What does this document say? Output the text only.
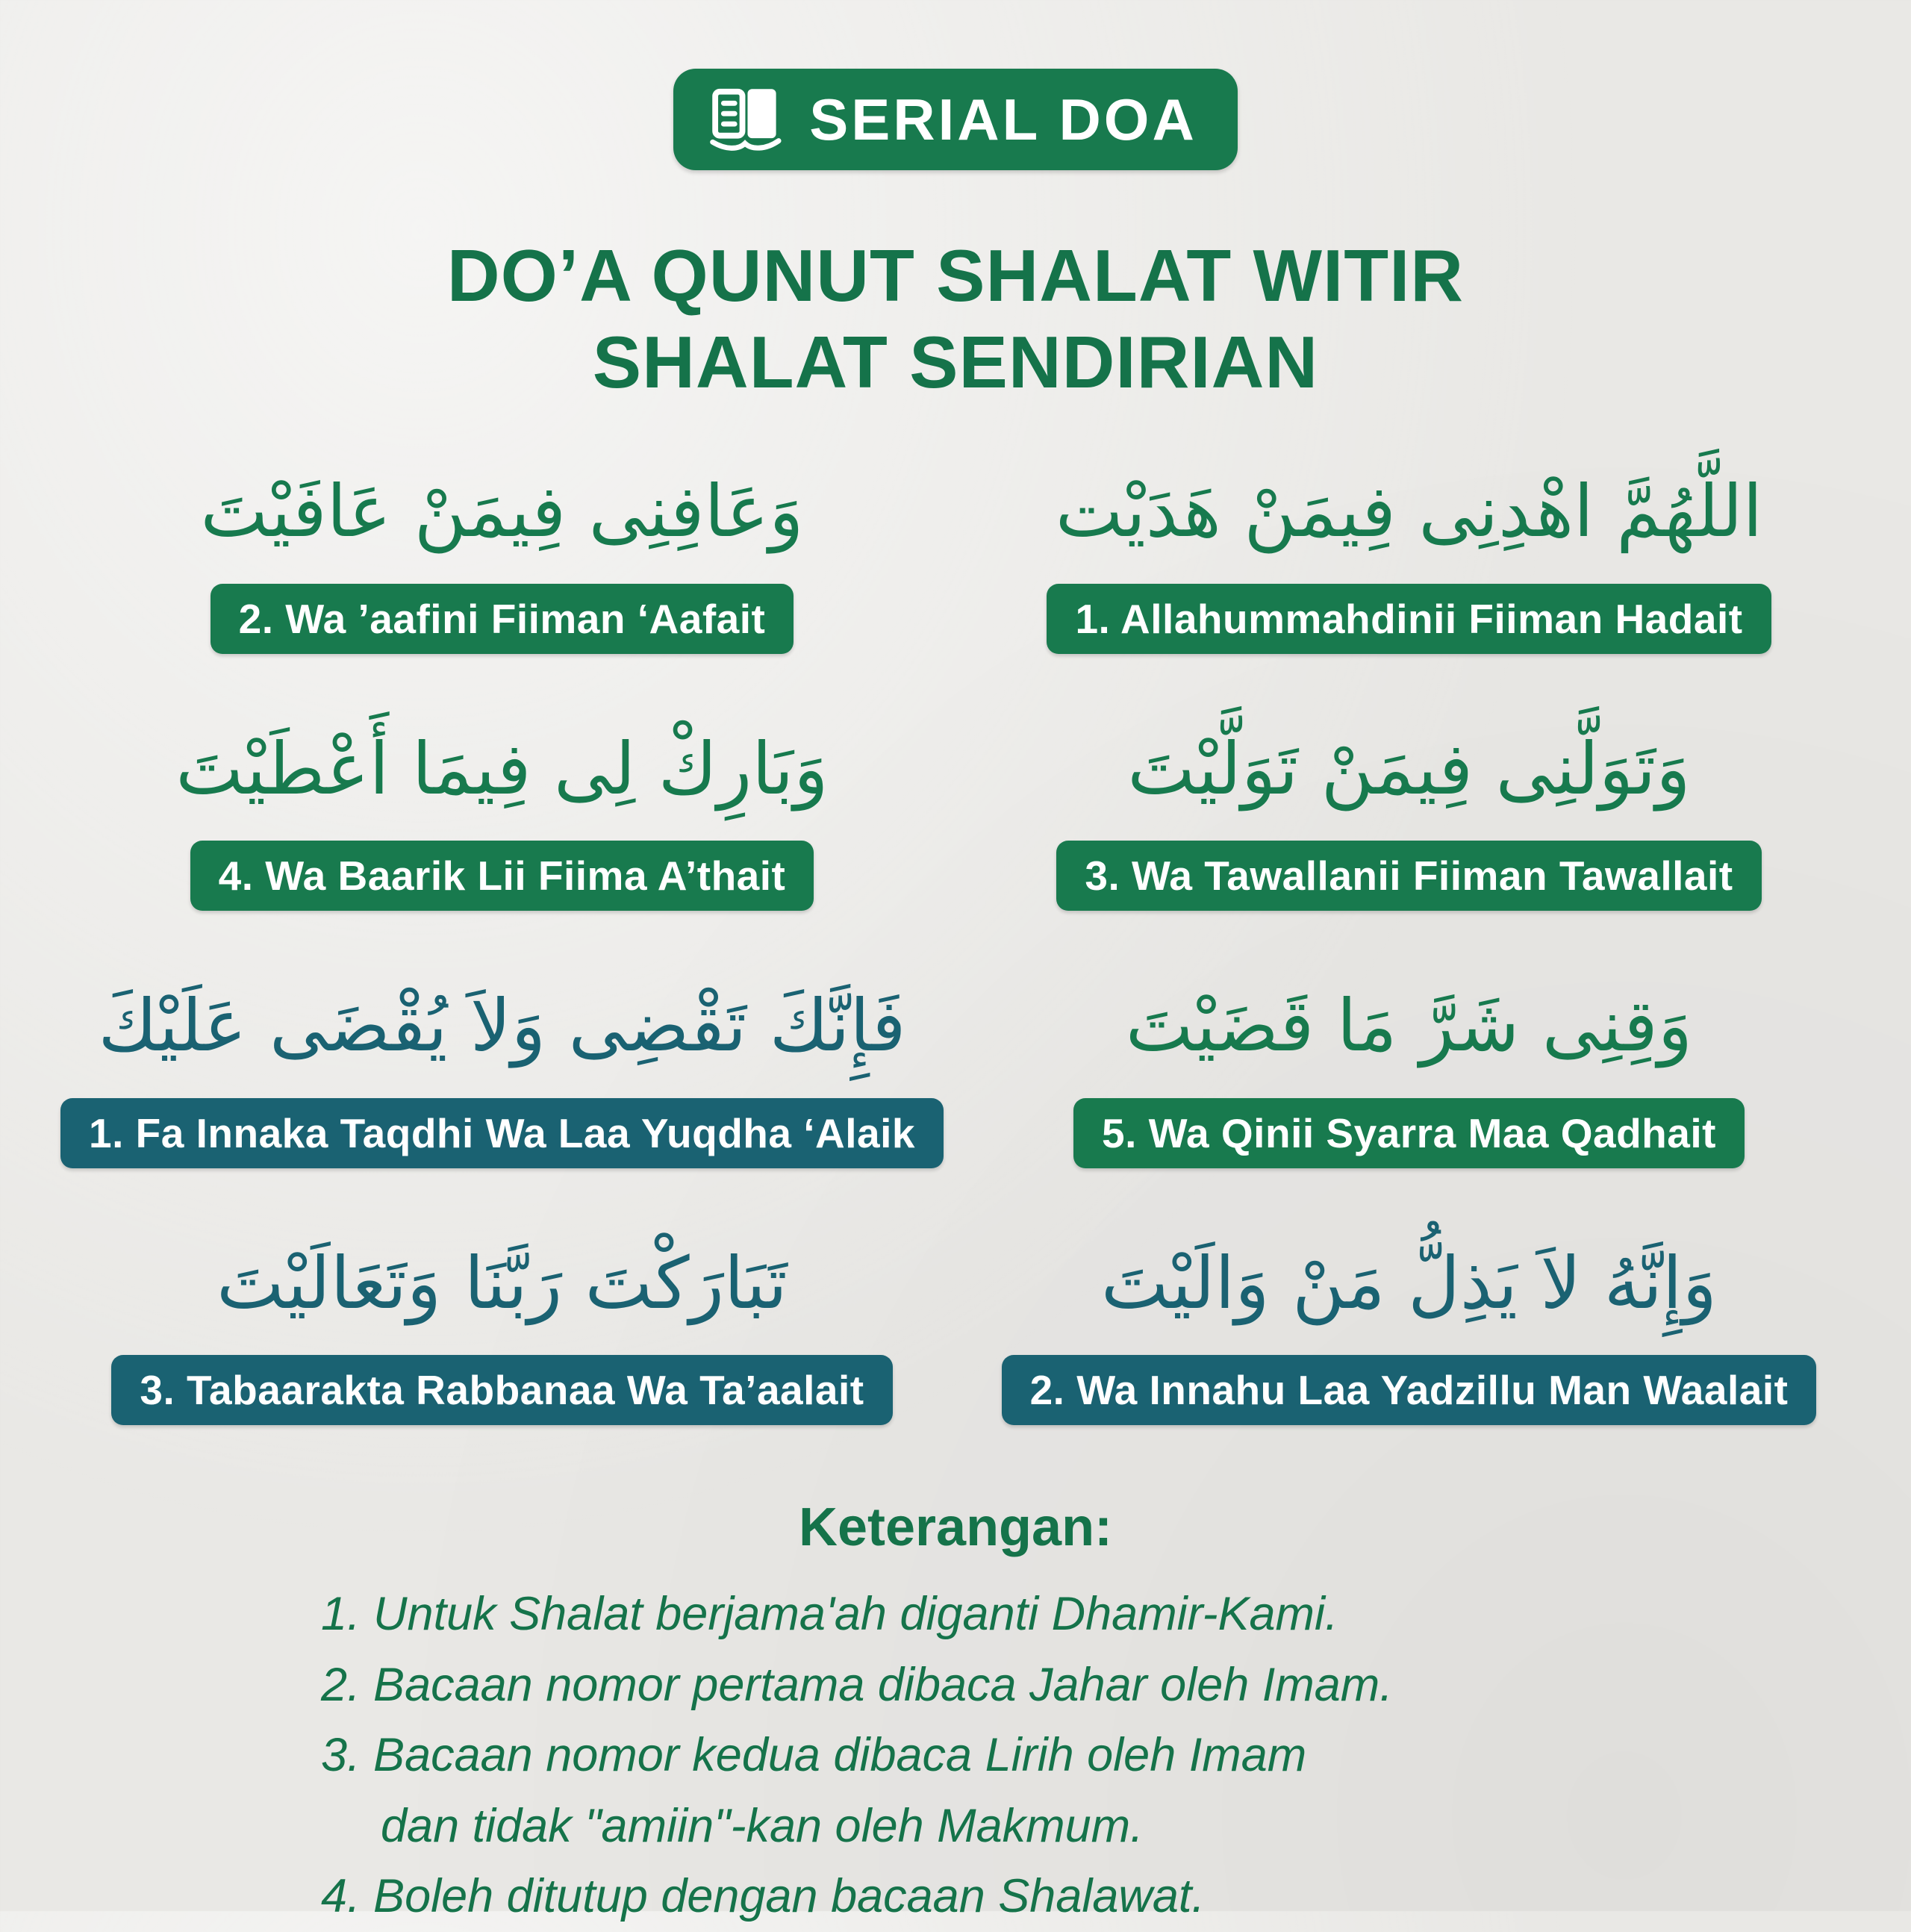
SERIAL DOA
DO’A QUNUT SHALAT WITIR
SHALAT SENDIRIAN
وَعَافِنِى فِيمَنْ عَافَيْتَ
2. Wa ’aafini Fiiman ‘Aafait
اللَّهُمَّ اهْدِنِى فِيمَنْ هَدَيْت
1. Allahummahdinii Fiiman Hadait
وَبَارِكْ لِى فِيمَا أَعْطَيْتَ
4. Wa Baarik Lii Fiima A’thait
وَتَوَلَّنِى فِيمَنْ تَوَلَّيْتَ
3. Wa Tawallanii Fiiman Tawallait
فَإِنَّكَ تَقْضِى وَلاَ يُقْضَى عَلَيْكَ
1. Fa Innaka Taqdhi Wa Laa Yuqdha ‘Alaik
وَقِنِى شَرَّ مَا قَضَيْتَ
5. Wa Qinii Syarra Maa Qadhait
تَبَارَكْتَ رَبَّنَا وَتَعَالَيْتَ
3. Tabaarakta Rabbanaa Wa Ta’aalait
وَإِنَّهُ لاَ يَذِلُّ مَنْ وَالَيْتَ
2. Wa Innahu Laa Yadzillu Man Waalait
Keterangan:
1. Untuk Shalat berjama'ah diganti Dhamir-Kami.
2. Bacaan nomor pertama dibaca Jahar oleh Imam.
3. Bacaan nomor kedua dibaca Lirih oleh Imam
dan tidak "amiin"-kan oleh Makmum.
4. Boleh ditutup dengan bacaan Shalawat.
